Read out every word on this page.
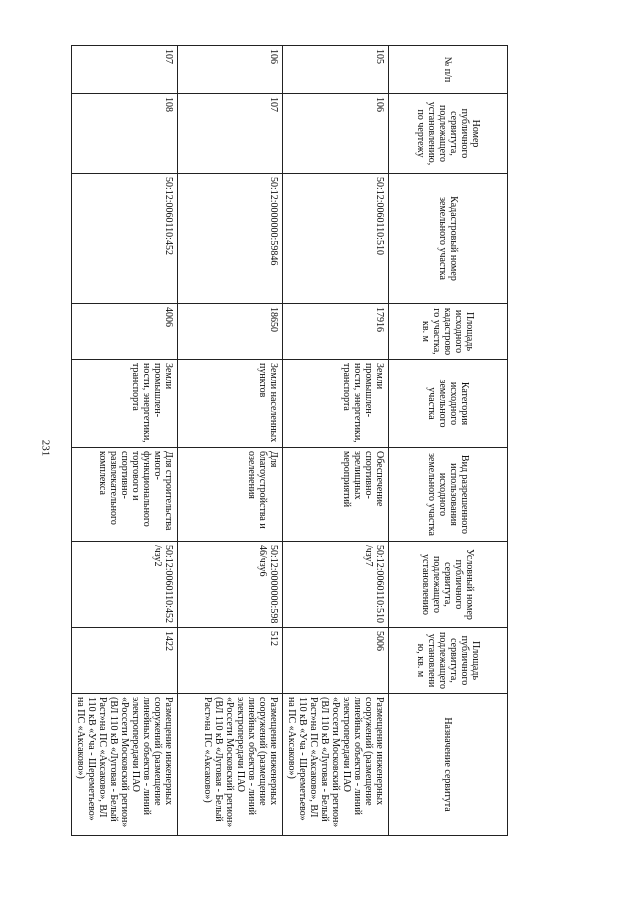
231
№ п/п	Номер публичного сервитута, подлежащего установлению, по чертежу	Кадастровый номер земельного участка	Площадь исходного кадастрового участка, кв. м	Категория исходного земельного участка	Вид разрешенного использования исходного земельного участка	Условный номер публичного сервитута, подлежащего установлению	Площадь публичного сервитута, подлежащего установлению, кв. м	Назначение сервитута
105	106	50:12:0060110:510	17916	Земли промышлен-ности, энергетики, транспорта	Обеспечение спортивно-зрелищных мероприятий	50:12:0060110:510/чзу7	5006	Размещение инженерных сооружений (размещение линейных объектов - линий электропередачи ПАО «Россети Московский регион» (ВЛ 110 кВ «Луговая - Белый Раст»на ПС «Аксаково», ВЛ 110 кВ «Уча - Шереметьево» на ПС «Аксаково»)
106	107	50:12:0000000:59846	18650	Земли населенных пунктов	Для благоустройства и озеленения	50:12:0000000:59846/чзу6	512	Размещение инженерных сооружений (размещение линейных объектов - линий электропередачи ПАО «Россети Московский регион» (ВЛ 110 кВ «Луговая - Белый Раст»на ПС «Аксаково»)
107	108	50:12:0060110:452	4006	Земли промышлен-ности, энергетики, транспорта	Для строительства много-функционального торгового и спортивно-развлекательного комплекса	50:12:0060110:452/чзу2	1422	Размещение инженерных сооружений (размещение линейных объектов - линий электропередачи ПАО «Россети Московский регион» (ВЛ 110 кВ «Луговая - Белый Раст»на ПС «Аксаково», ВЛ 110 кВ «Уча - Шереметьево» на ПС «Аксаково»)
